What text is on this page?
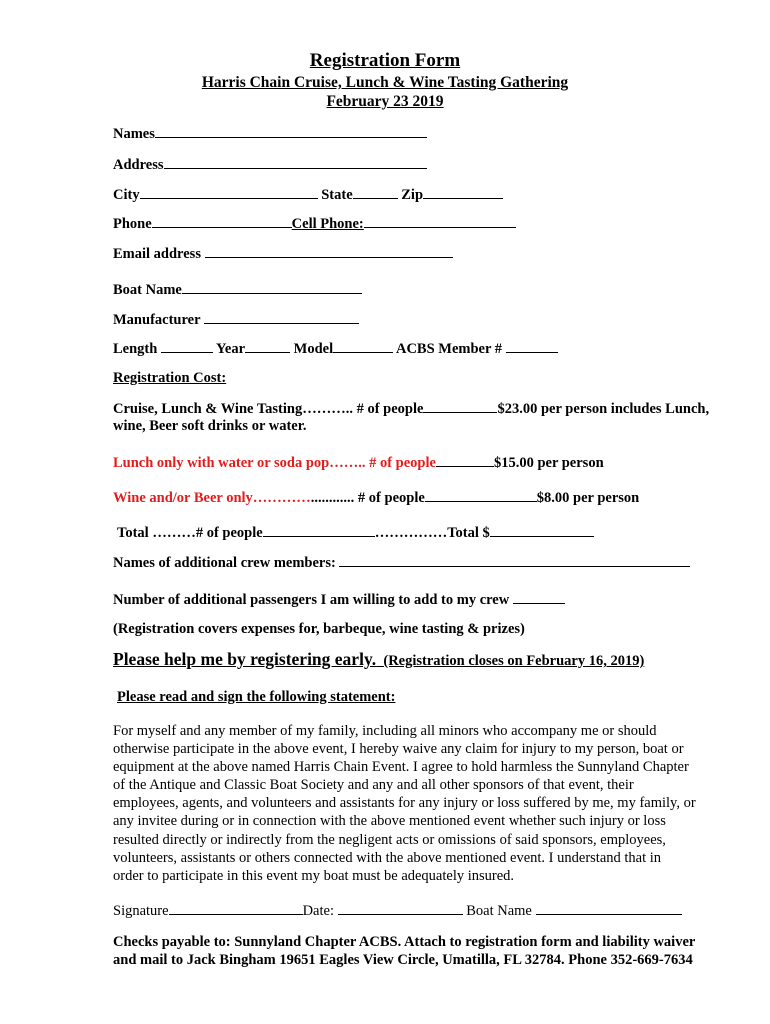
Registration Form
Harris Chain Cruise, Lunch & Wine Tasting Gathering
February 23 2019
Names
Address
City	State	Zip
Phone	Cell Phone:
Email address
Boat Name
Manufacturer
Length	Year	Model	ACBS Member #
Registration Cost:
Cruise, Lunch & Wine Tasting……….. # of people	$23.00 per person includes Lunch,
wine, Beer soft drinks or water.
Lunch only with water or soda pop…….. # of people	$15.00 per person
Wine and/or Beer only…………............ # of people	$8.00 per person
Total ………# of people	……………Total $
Names of additional crew members:
Number of additional passengers I am willing to add to my crew
(Registration covers expenses for, barbeque, wine tasting & prizes)
Please help me by registering early. (Registration closes on February 16, 2019)
Please read and sign the following statement:
For myself and any member of my family, including all minors who accompany me or should
otherwise participate in the above event, I hereby waive any claim for injury to my person, boat or
equipment at the above named Harris Chain Event. I agree to hold harmless the Sunnyland Chapter
of the Antique and Classic Boat Society and any and all other sponsors of that event, their
employees, agents, and volunteers and assistants for any injury or loss suffered by me, my family, or
any invitee during or in connection with the above mentioned event whether such injury or loss
resulted directly or indirectly from the negligent acts or omissions of said sponsors, employees,
volunteers, assistants or others connected with the above mentioned event. I understand that in
order to participate in this event my boat must be adequately insured.
Signature	Date:	Boat Name
Checks payable to: Sunnyland Chapter ACBS. Attach to registration form and liability waiver
and mail to Jack Bingham 19651 Eagles View Circle, Umatilla, FL 32784. Phone 352-669-7634
